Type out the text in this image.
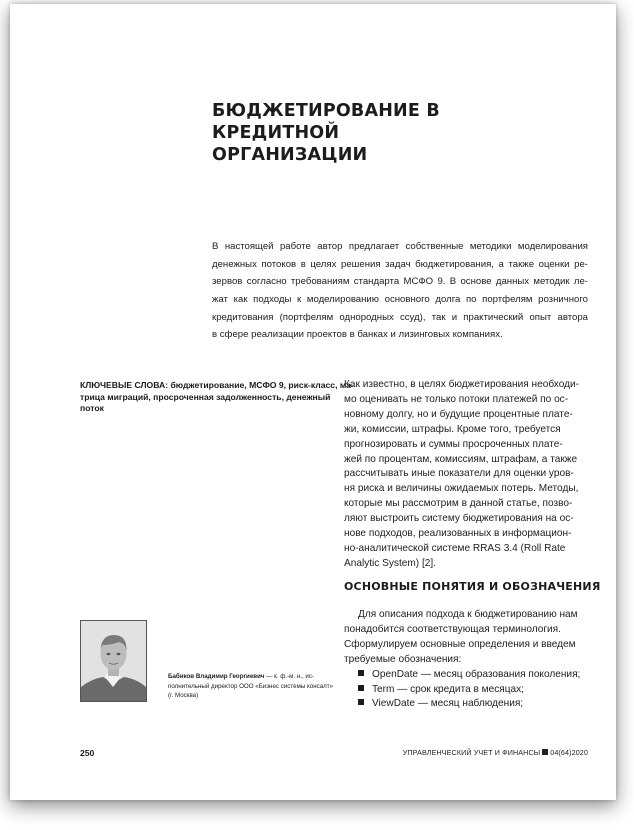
БЮДЖЕТИРОВАНИЕ В КРЕДИТНОЙ
ОРГАНИЗАЦИИ
В настоящей работе автор предлагает собственные методики моделирования
денежных потоков в целях решения задач бюджетирования, а также оценки ре-
зервов согласно требованиям стандарта МСФО 9. В основе данных методик ле-
жат как подходы к моделированию основного долга по портфелям розничного
кредитования (портфелям однородных ссуд), так и практический опыт автора
в сфере реализации проектов в банках и лизинговых компаниях.
КЛЮЧЕВЫЕ СЛОВА: бюджетирование, МСФО 9, риск-класс, ма-
трица миграций, просроченная задолженность, денежный
поток
Как известно, в целях бюджетирования необходи-
мо оценивать не только потоки платежей по ос-
новному долгу, но и будущие процентные плате-
жи, комиссии, штрафы. Кроме того, требуется
прогнозировать и суммы просроченных плате-
жей по процентам, комиссиям, штрафам, а также
рассчитывать иные показатели для оценки уров-
ня риска и величины ожидаемых потерь. Методы,
которые мы рассмотрим в данной статье, позво-
ляют выстроить систему бюджетирования на ос-
нове подходов, реализованных в информацион-
но-аналитической системе RRAS 3.4 (Roll Rate
Analytic System) [2].
ОСНОВНЫЕ ПОНЯТИЯ И ОБОЗНАЧЕНИЯ
Для описания подхода к бюджетированию нам
понадобится соответствующая терминология.
Сформулируем основные определения и введем
требуемые обозначения:
OpenDate — месяц образования поколения;
Term — срок кредита в месяцах;
ViewDate — месяц наблюдения;
Бабиков Владимир Георгиевич — к. ф.-м. н., ис-
полнительный директор ООО «Бизнес системы консалт»
(г. Москва)
250	УПРАВЛЕНЧЕСКИЙ УЧЕТ И ФИНАНСЫ 04(64)2020
